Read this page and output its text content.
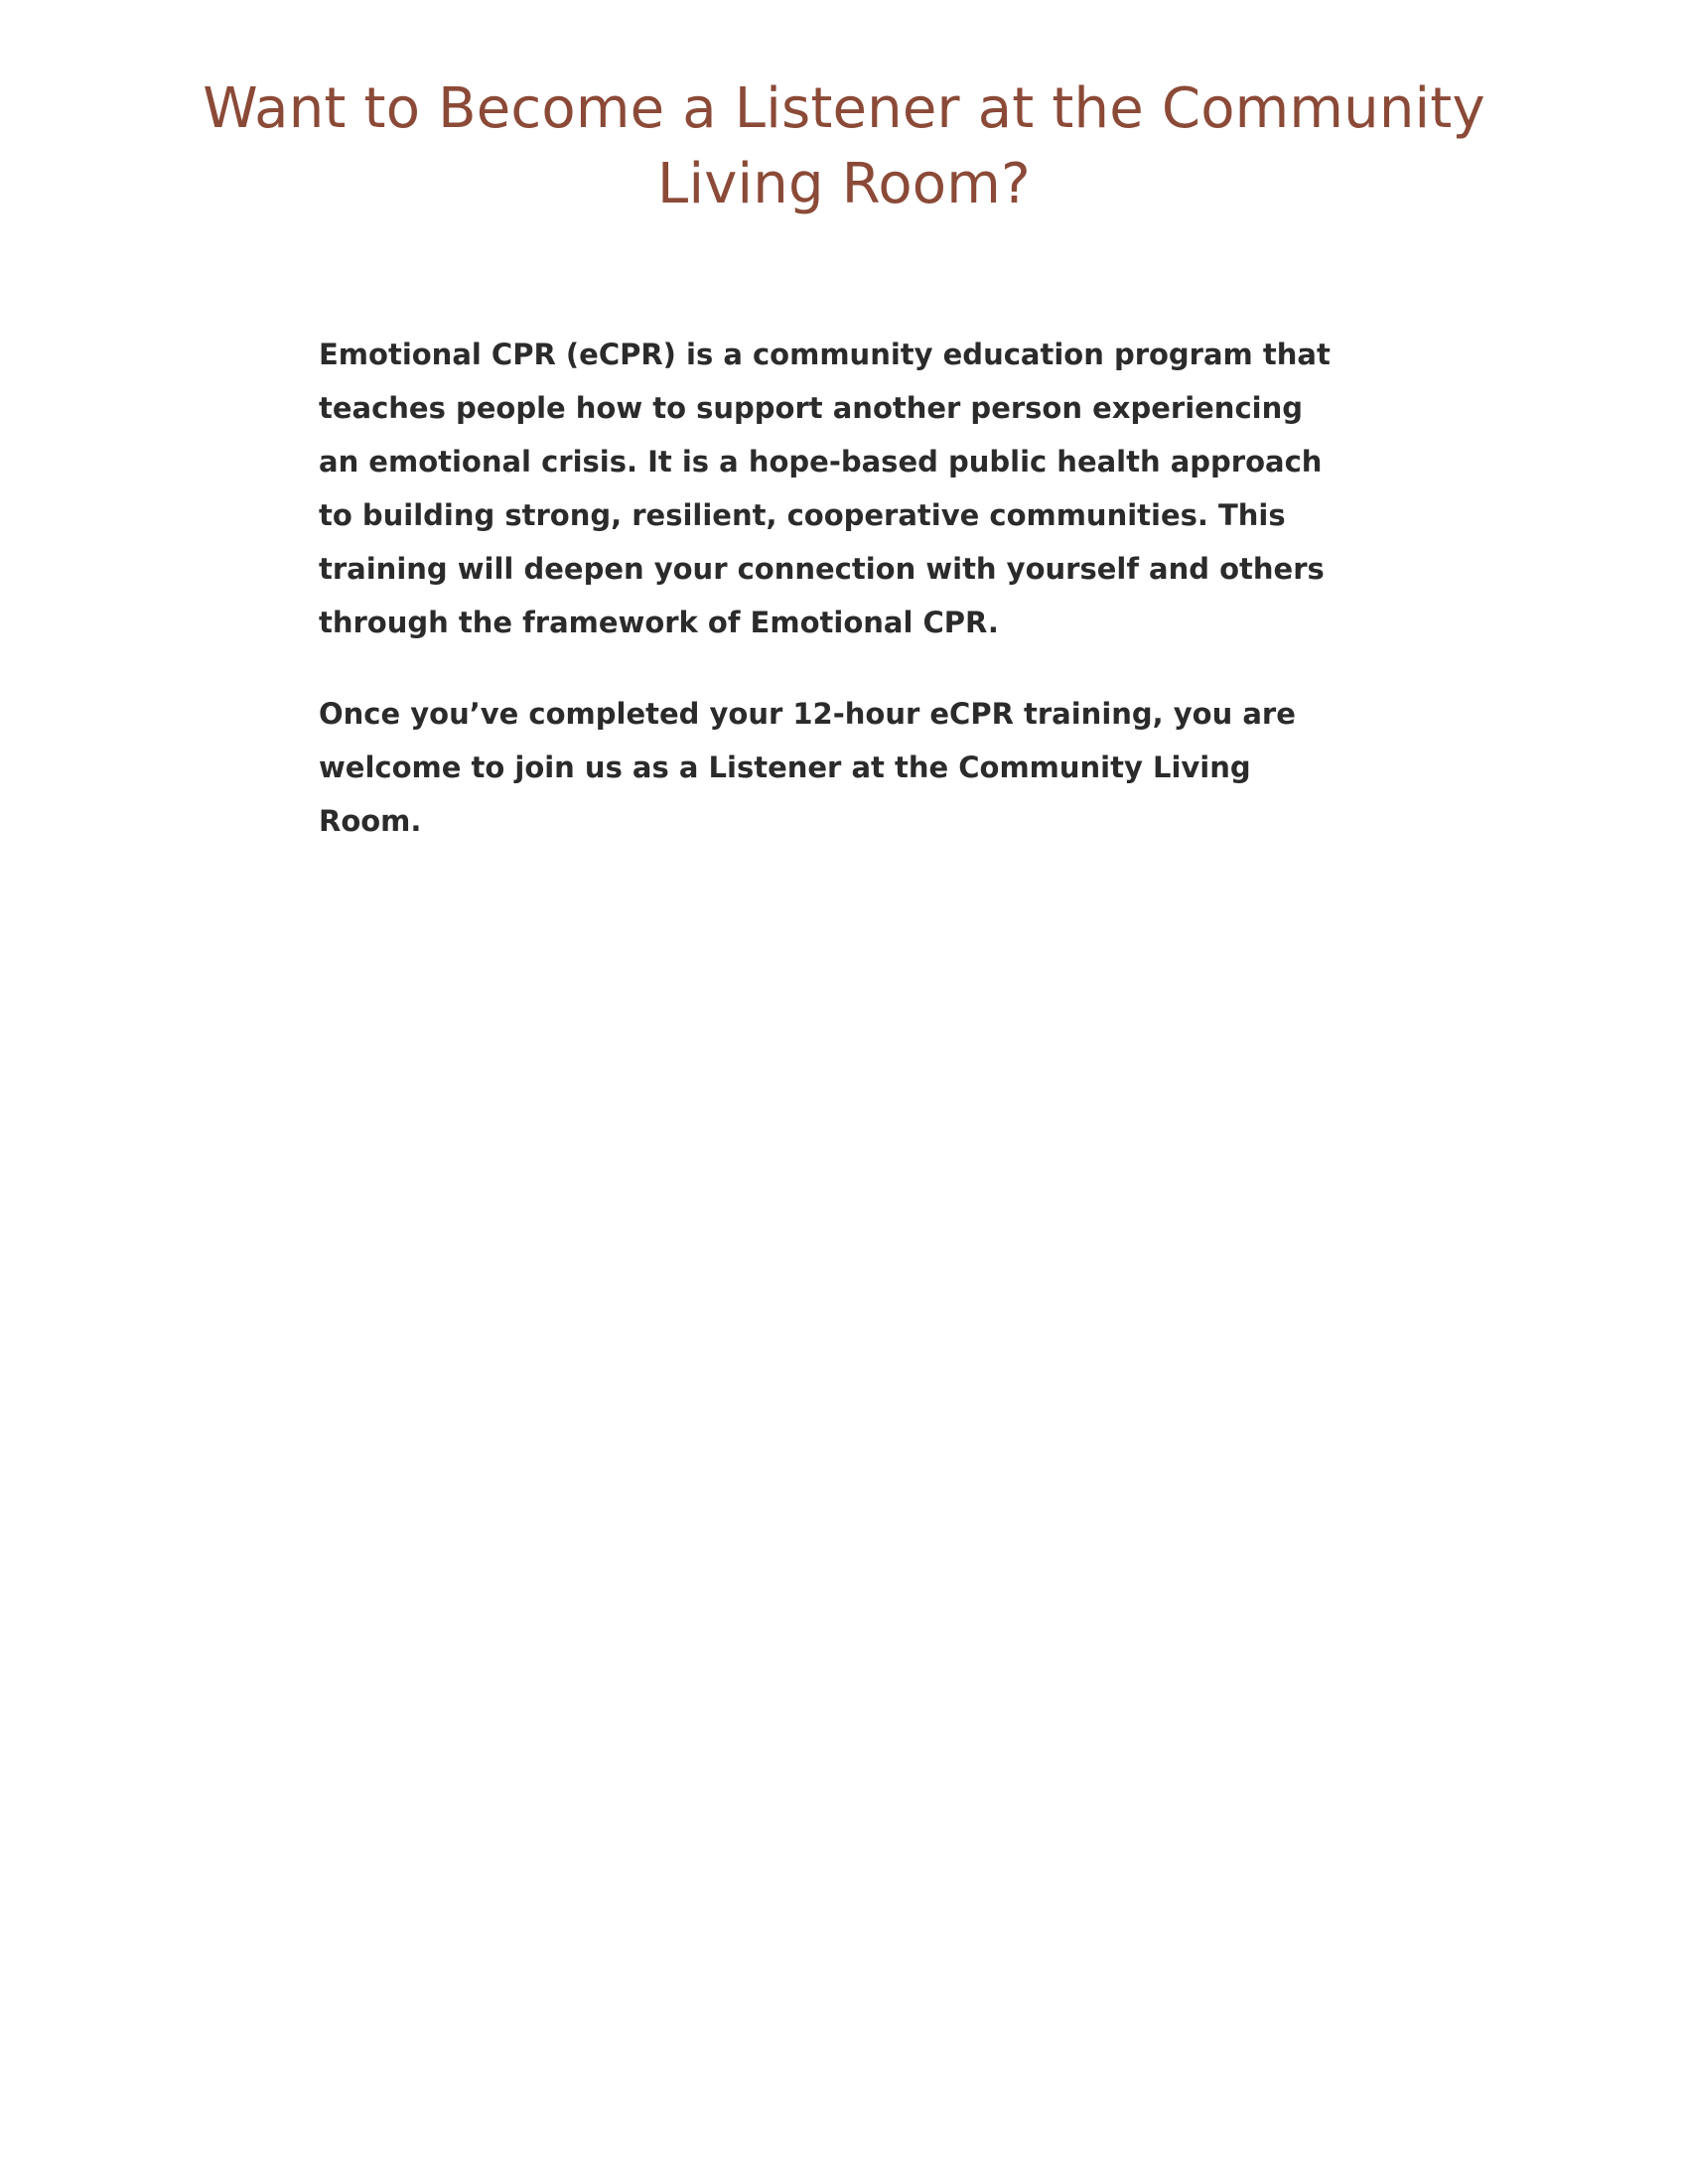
Want to Become a Listener at the Community Living Room?

Emotional CPR (eCPR) is a community education program that teaches people how to support another person experiencing an emotional crisis. It is a hope-based public health approach to building strong, resilient, cooperative communities. This training will deepen your connection with yourself and others through the framework of Emotional CPR.

Once you’ve completed your 12-hour eCPR training, you are welcome to join us as a Listener at the Community Living Room.
